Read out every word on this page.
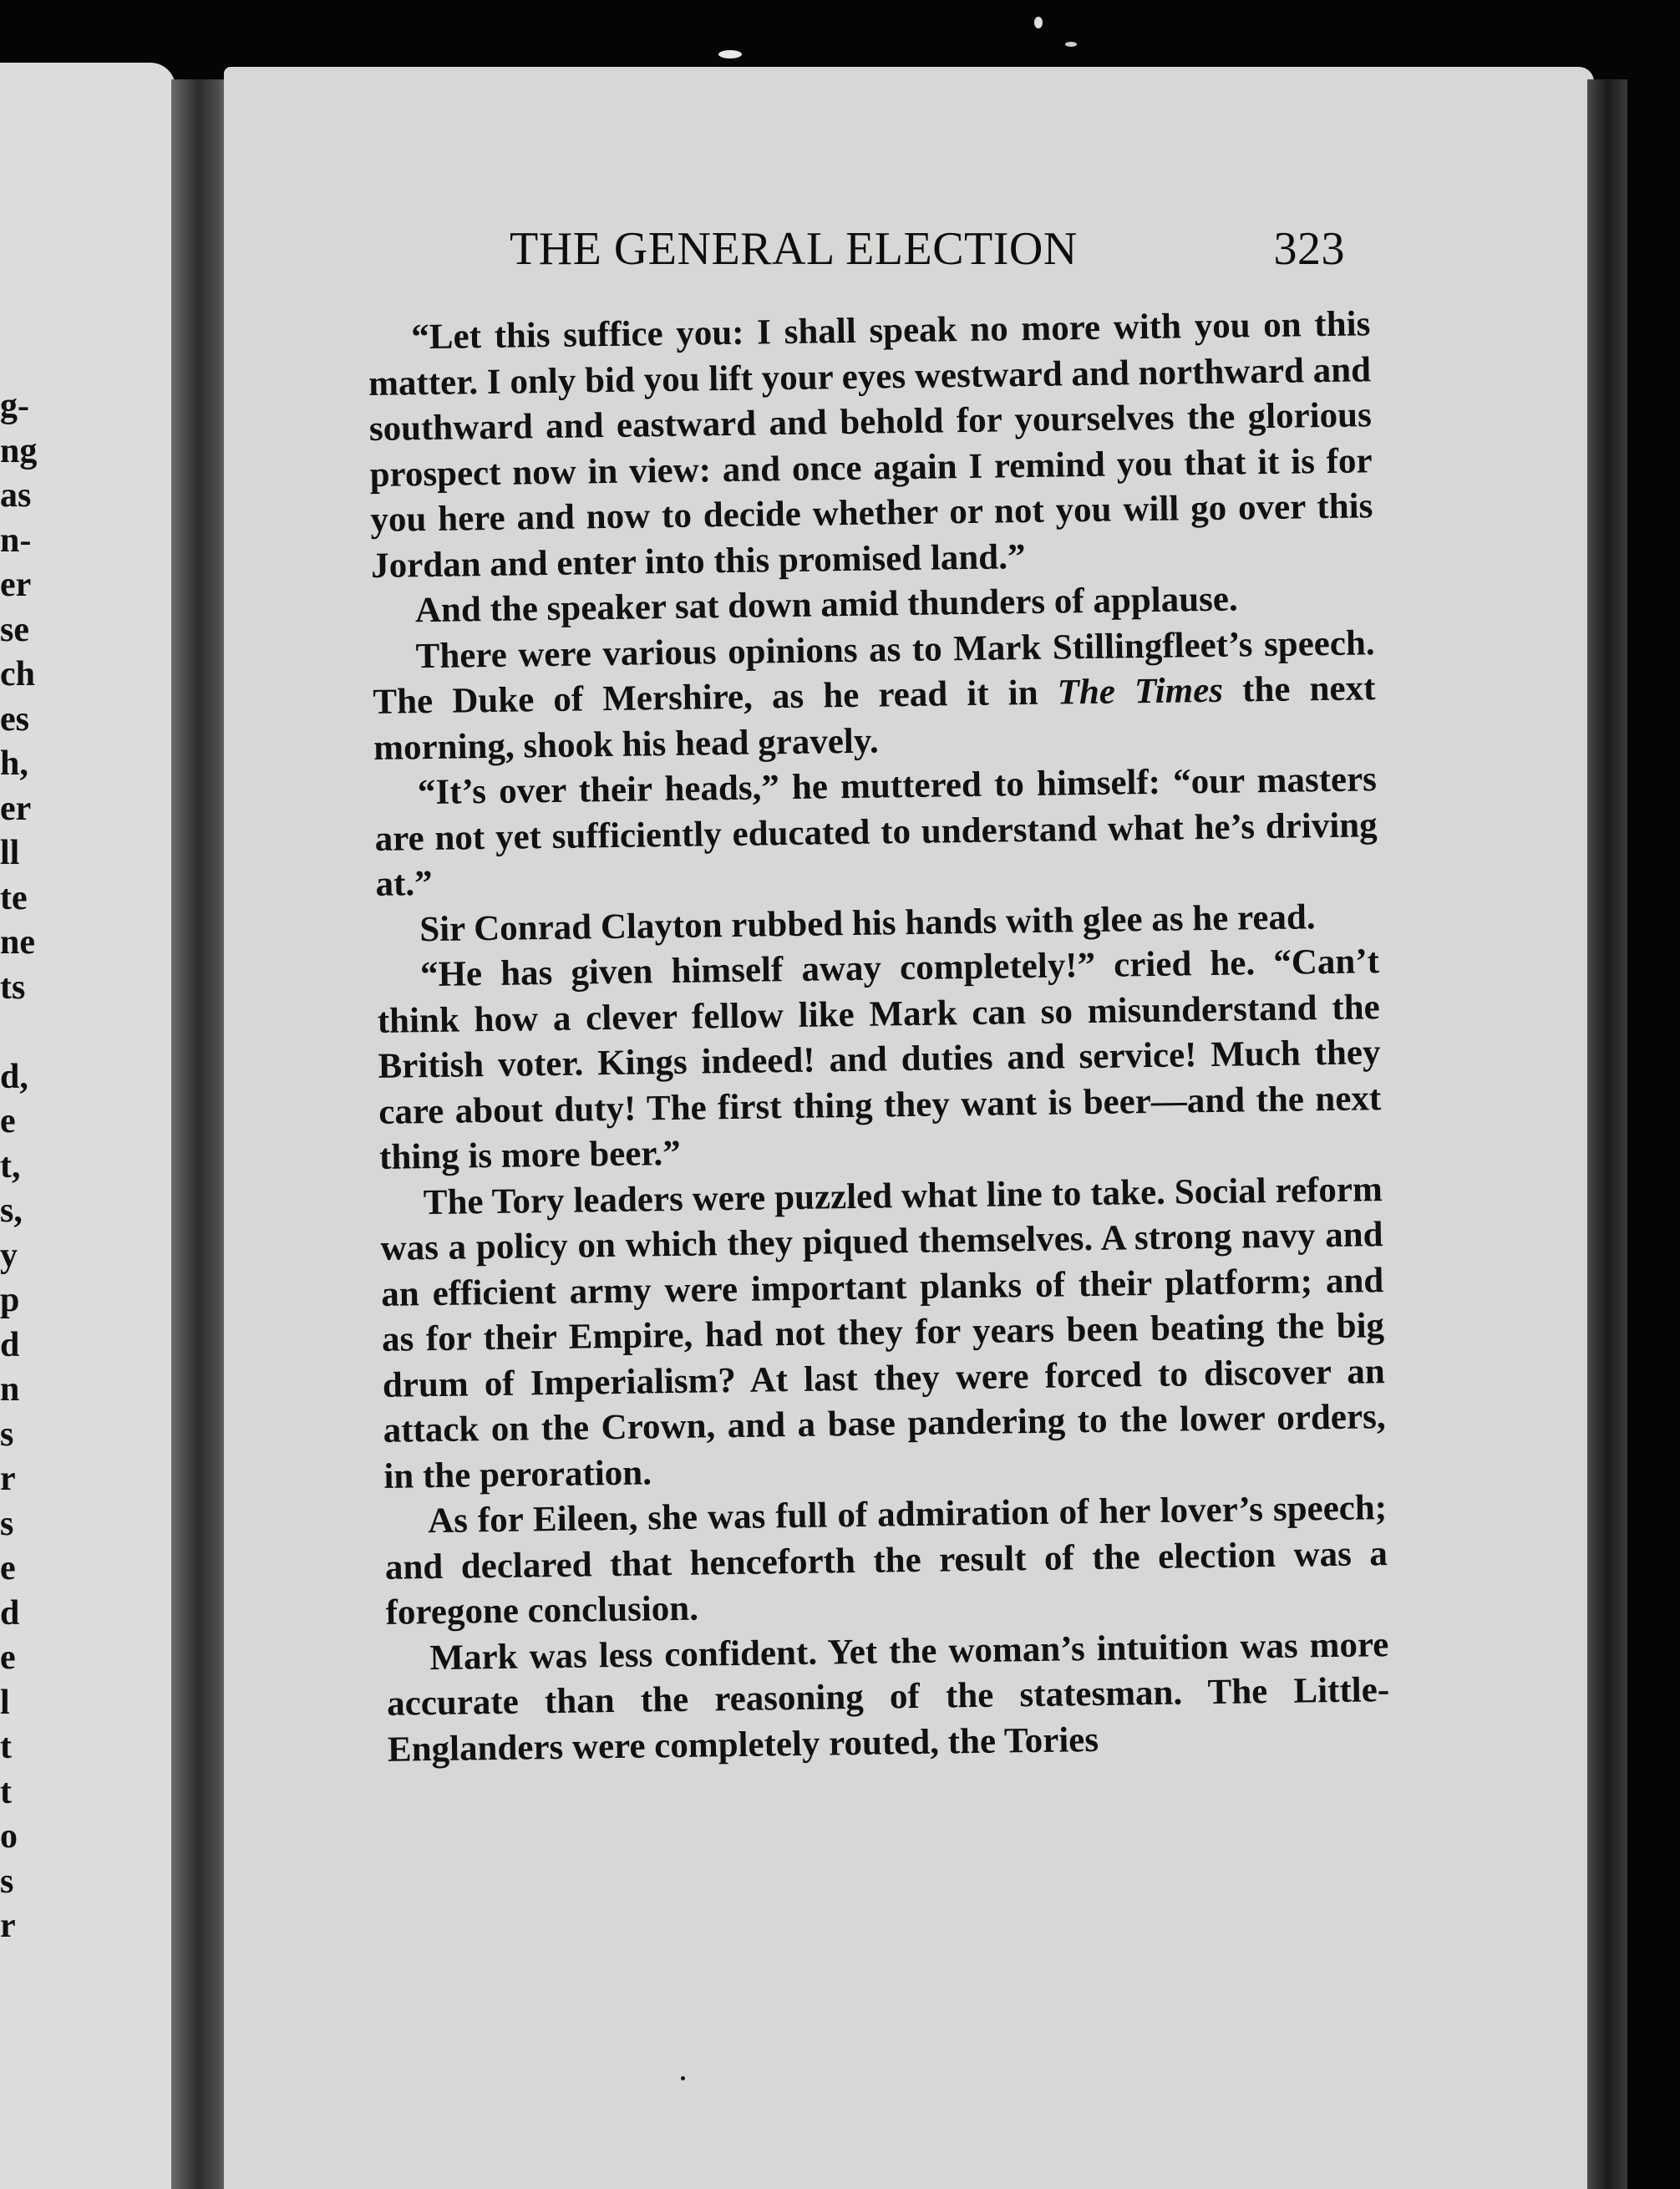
g-
ng
as
n-
er
se
ch
es
h,
er
ll
te
ne
ts

d,
e
t,
s,
y
p
d
n
s
r
s
e
d
e
l
t
t
o
s
r
THE GENERAL ELECTION	323

“Let this suffice you: I shall speak no more with you on this matter. I only bid you lift your eyes westward and northward and southward and eastward and behold for yourselves the glorious prospect now in view: and once again I remind you that it is for you here and now to decide whether or not you will go over this Jordan and enter into this promised land.”

And the speaker sat down amid thunders of applause.

There were various opinions as to Mark Stillingfleet’s speech. The Duke of Mershire, as he read it in The Times the next morning, shook his head gravely.

“It’s over their heads,” he muttered to himself: “our masters are not yet sufficiently educated to understand what he’s driving at.”

Sir Conrad Clayton rubbed his hands with glee as he read.

“He has given himself away completely!” cried he. “Can’t think how a clever fellow like Mark can so misunderstand the British voter. Kings indeed! and duties and service! Much they care about duty! The first thing they want is beer—and the next thing is more beer.”

The Tory leaders were puzzled what line to take. Social reform was a policy on which they piqued themselves. A strong navy and an efficient army were important planks of their platform; and as for their Empire, had not they for years been beating the big drum of Imperialism? At last they were forced to discover an attack on the Crown, and a base pandering to the lower orders, in the peroration.

As for Eileen, she was full of admiration of her lover’s speech; and declared that henceforth the result of the election was a foregone conclusion.

Mark was less confident. Yet the woman’s intuition was more accurate than the reasoning of the statesman. The Little-Englanders were completely routed, the Tories
